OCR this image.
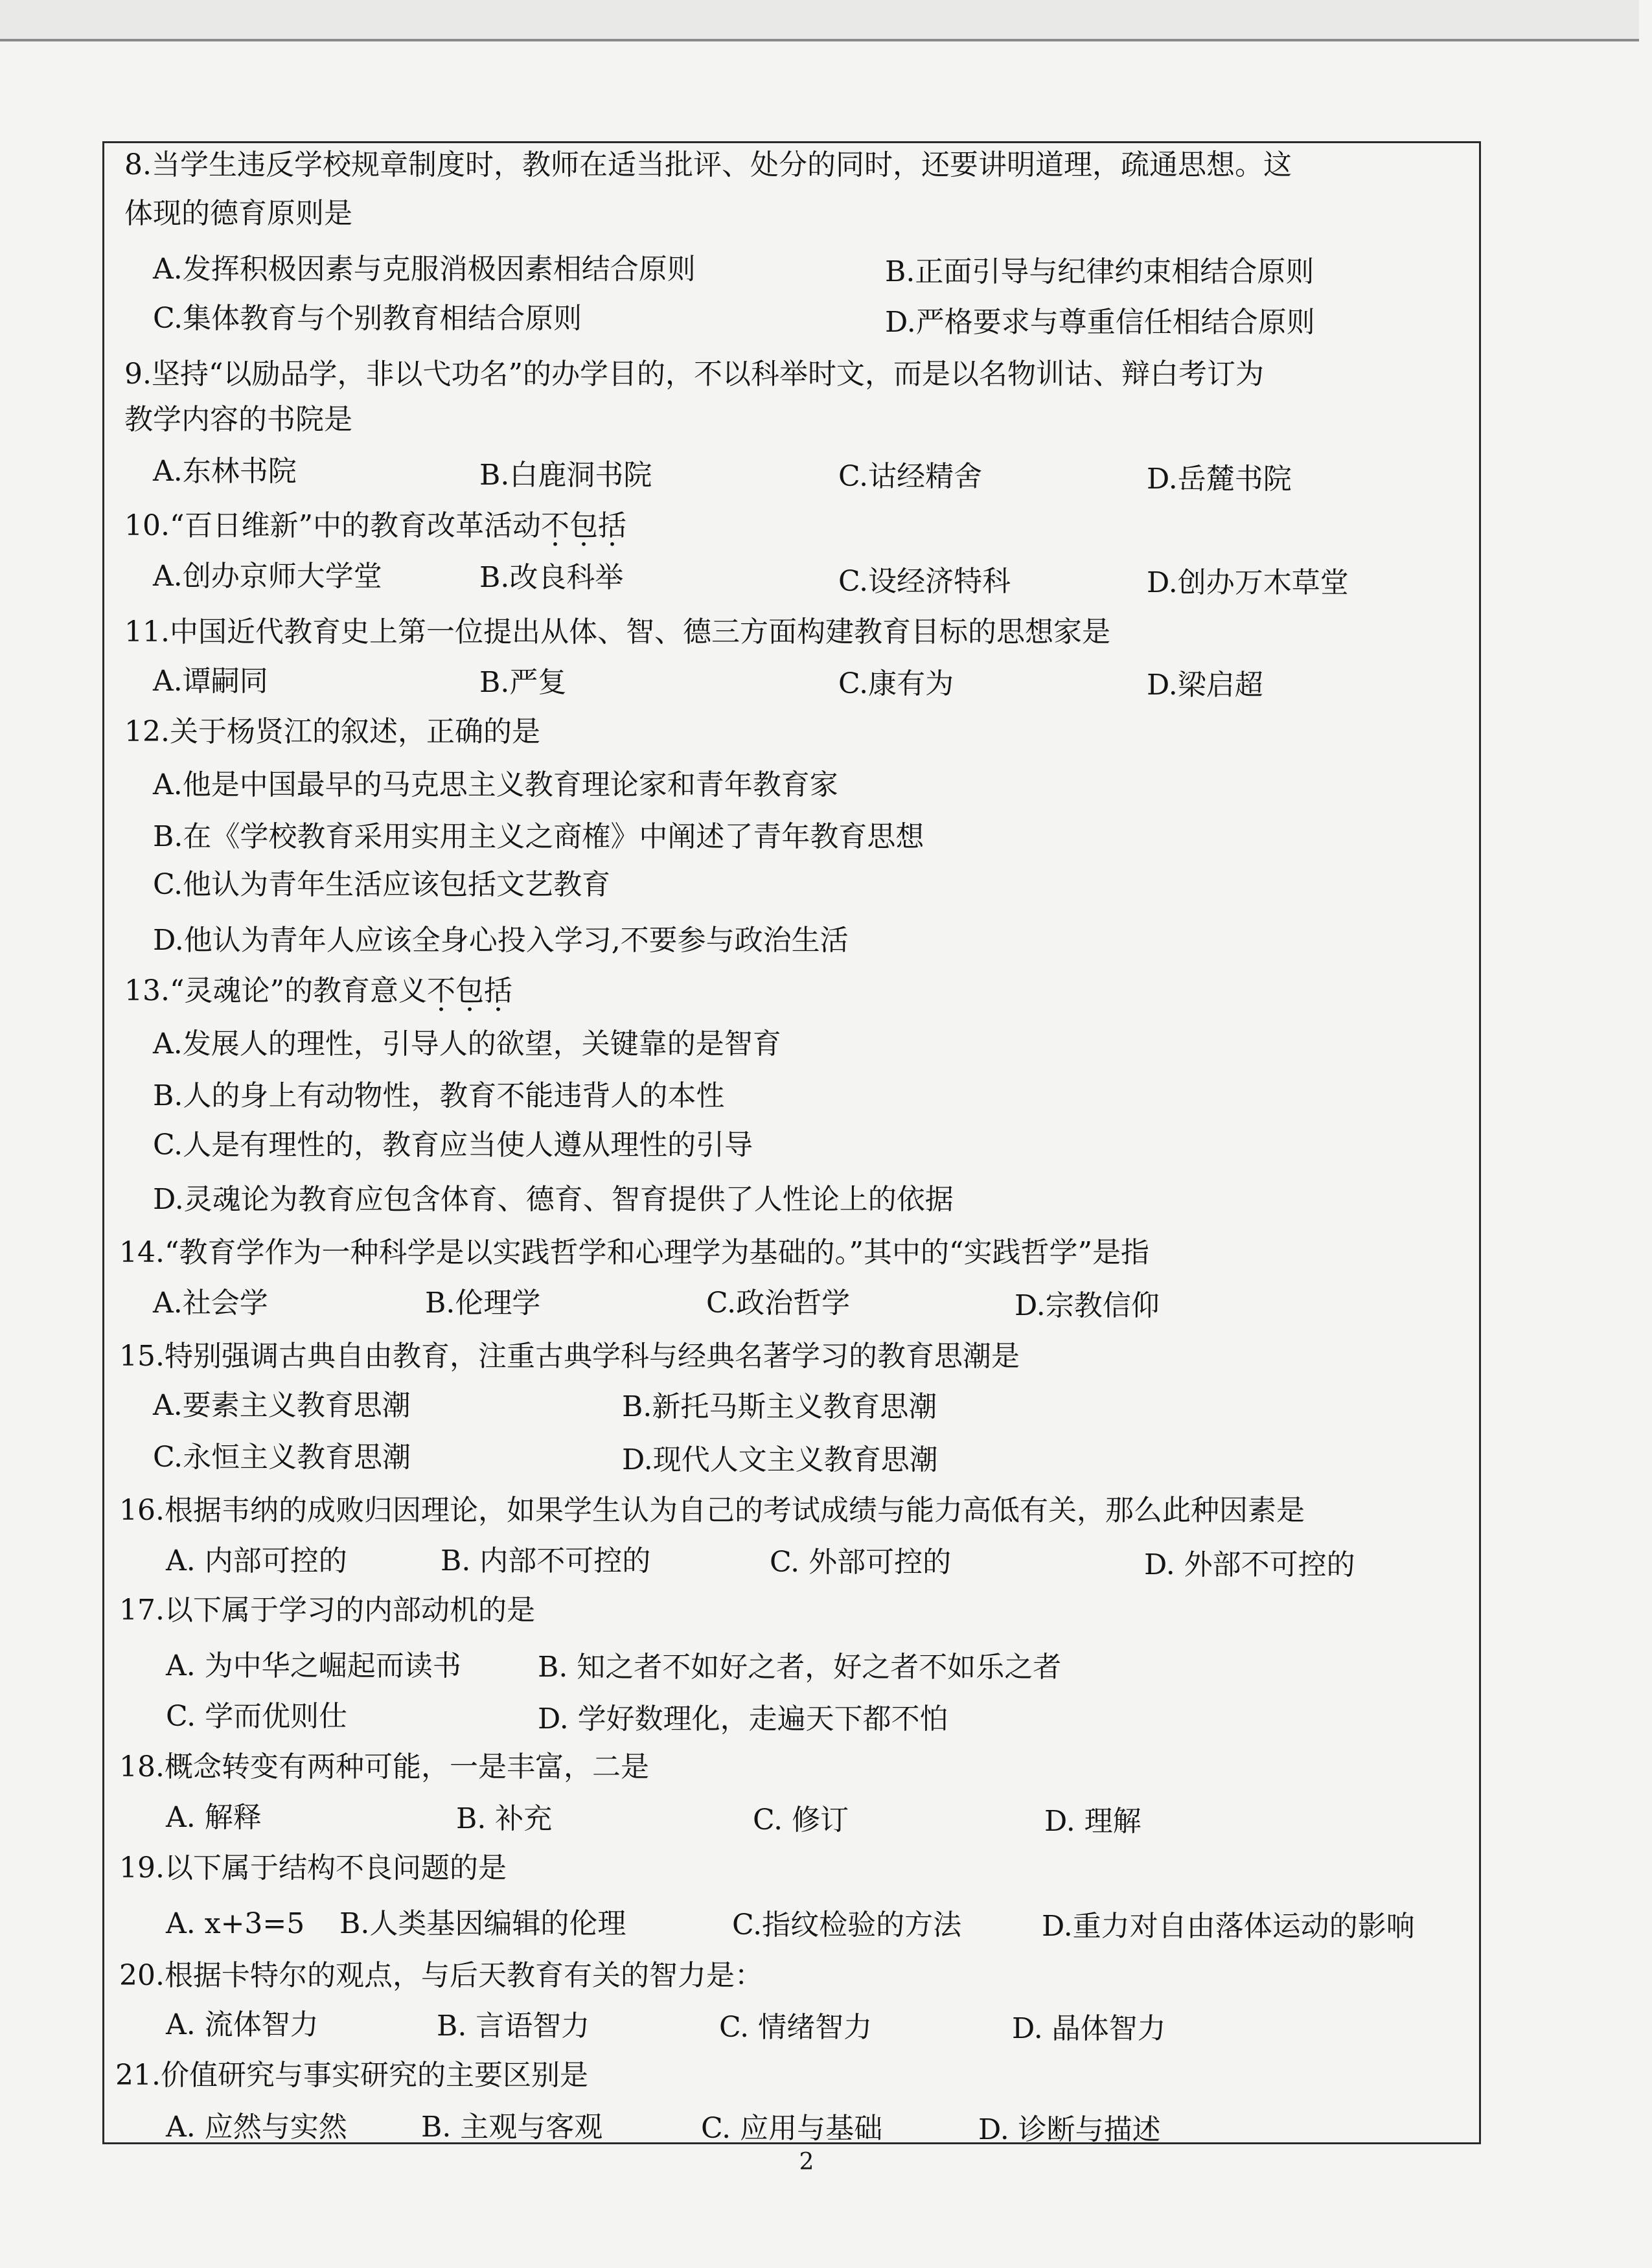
8.当学生违反学校规章制度时，教师在适当批评、处分的同时，还要讲明道理，疏通思想。这
体现的德育原则是
A.发挥积极因素与克服消极因素相结合原则	B.正面引导与纪律约束相结合原则
C.集体教育与个别教育相结合原则	D.严格要求与尊重信任相结合原则
9.坚持“以励品学，非以弋功名”的办学目的，不以科举时文，而是以名物训诂、辩白考订为
教学内容的书院是
A.东林书院	B.白鹿洞书院	C.诂经精舍	D.岳麓书院
10.“百日维新”中的教育改革活动不包括
A.创办京师大学堂	B.改良科举	C.设经济特科	D.创办万木草堂
11.中国近代教育史上第一位提出从体、智、德三方面构建教育目标的思想家是
A.谭嗣同	B.严复	C.康有为	D.梁启超
12.关于杨贤江的叙述，正确的是
A.他是中国最早的马克思主义教育理论家和青年教育家
B.在《学校教育采用实用主义之商榷》中阐述了青年教育思想
C.他认为青年生活应该包括文艺教育
D.他认为青年人应该全身心投入学习,不要参与政治生活
13.“灵魂论”的教育意义不包括
A.发展人的理性，引导人的欲望，关键靠的是智育
B.人的身上有动物性，教育不能违背人的本性
C.人是有理性的，教育应当使人遵从理性的引导
D.灵魂论为教育应包含体育、德育、智育提供了人性论上的依据
14.“教育学作为一种科学是以实践哲学和心理学为基础的。”其中的“实践哲学”是指
A.社会学	B.伦理学	C.政治哲学	D.宗教信仰
15.特别强调古典自由教育，注重古典学科与经典名著学习的教育思潮是
A.要素主义教育思潮	B.新托马斯主义教育思潮
C.永恒主义教育思潮	D.现代人文主义教育思潮
16.根据韦纳的成败归因理论，如果学生认为自己的考试成绩与能力高低有关，那么此种因素是
A. 内部可控的	B. 内部不可控的	C. 外部可控的	D. 外部不可控的
17.以下属于学习的内部动机的是
A. 为中华之崛起而读书	B. 知之者不如好之者，好之者不如乐之者
C. 学而优则仕	D. 学好数理化，走遍天下都不怕
18.概念转变有两种可能，一是丰富，二是
A. 解释	B. 补充	C. 修订	D. 理解
19.以下属于结构不良问题的是
A. x+3=5 B.人类基因编辑的伦理	C.指纹检验的方法	D.重力对自由落体运动的影响
20.根据卡特尔的观点，与后天教育有关的智力是：
A. 流体智力	B. 言语智力	C. 情绪智力	D. 晶体智力
21.价值研究与事实研究的主要区别是
A. 应然与实然	B. 主观与客观	C. 应用与基础	D. 诊断与描述
2
